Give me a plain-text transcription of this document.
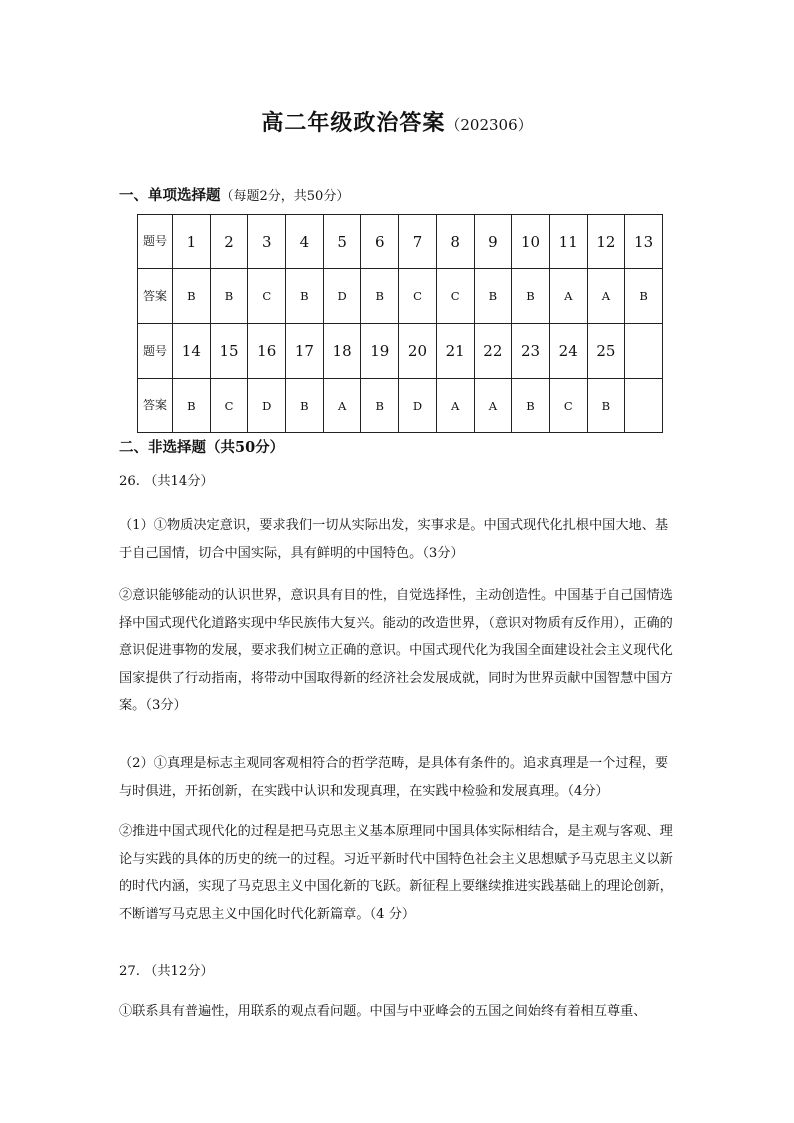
高二年级政治答案（202306）
一、单项选择题（每题2分，共50分）
题号	1	2	3	4	5	6	7	8	9	10	11	12	13
答案	B	B	C	B	D	B	C	C	B	B	A	A	B
题号	14	15	16	17	18	19	20	21	22	23	24	25	
答案	B	C	D	B	A	B	D	A	A	B	C	B	
二、非选择题（共50分）
26. （共14分）
（1）①物质决定意识，要求我们一切从实际出发，实事求是。中国式现代化扎根中国大地、基于自己国情，切合中国实际，具有鲜明的中国特色。（3分）
②意识能够能动的认识世界，意识具有目的性，自觉选择性，主动创造性。中国基于自己国情选择中国式现代化道路实现中华民族伟大复兴。能动的改造世界，（意识对物质有反作用），正确的意识促进事物的发展，要求我们树立正确的意识。中国式现代化为我国全面建设社会主义现代化国家提供了行动指南，将带动中国取得新的经济社会发展成就，同时为世界贡献中国智慧中国方案。（3分）
（2）①真理是标志主观同客观相符合的哲学范畴，是具体有条件的。追求真理是一个过程，要与时俱进，开拓创新，在实践中认识和发现真理，在实践中检验和发展真理。（4分）
②推进中国式现代化的过程是把马克思主义基本原理同中国具体实际相结合，是主观与客观、理论与实践的具体的历史的统一的过程。习近平新时代中国特色社会主义思想赋予马克思主义以新的时代内涵，实现了马克思主义中国化新的飞跃。新征程上要继续推进实践基础上的理论创新，不断谱写马克思主义中国化时代化新篇章。（4 分）
27. （共12分）
①联系具有普遍性，用联系的观点看问题。中国与中亚峰会的五国之间始终有着相互尊重、
